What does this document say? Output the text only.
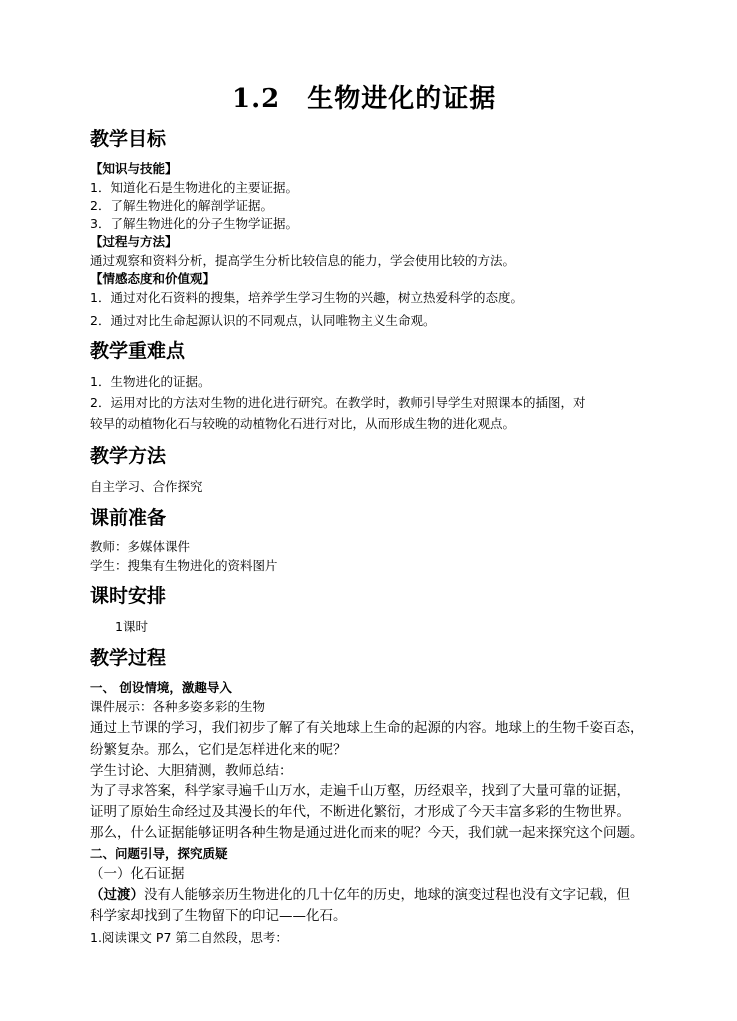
1.2　生物进化的证据
教学目标
【知识与技能】
1．知道化石是生物进化的主要证据。
2．了解生物进化的解剖学证据。
3．了解生物进化的分子生物学证据。
【过程与方法】
通过观察和资料分析，提高学生分析比较信息的能力，学会使用比较的方法。
【情感态度和价值观】
1．通过对化石资料的搜集，培养学生学习生物的兴趣，树立热爱科学的态度。
2．通过对比生命起源认识的不同观点，认同唯物主义生命观。
教学重难点
1．生物进化的证据。
2．运用对比的方法对生物的进化进行研究。在教学时，教师引导学生对照课本的插图，对
较早的动植物化石与较晚的动植物化石进行对比，从而形成生物的进化观点。
教学方法
自主学习、合作探究
课前准备
教师：多媒体课件
学生：搜集有生物进化的资料图片
课时安排
1课时
教学过程
一、 创设情境，激趣导入
课件展示：各种多姿多彩的生物
通过上节课的学习，我们初步了解了有关地球上生命的起源的内容。地球上的生物千姿百态，
纷繁复杂。那么，它们是怎样进化来的呢？
学生讨论、大胆猜测，教师总结：
为了寻求答案，科学家寻遍千山万水，走遍千山万壑，历经艰辛，找到了大量可靠的证据，
证明了原始生命经过及其漫长的年代，不断进化繁衍，才形成了今天丰富多彩的生物世界。
那么，什么证据能够证明各种生物是通过进化而来的呢？今天，我们就一起来探究这个问题。
二、问题引导，探究质疑
（一）化石证据
（过渡）没有人能够亲历生物进化的几十亿年的历史，地球的演变过程也没有文字记载，但
科学家却找到了生物留下的印记——化石。
1.阅读课文 P7 第二自然段，思考：
